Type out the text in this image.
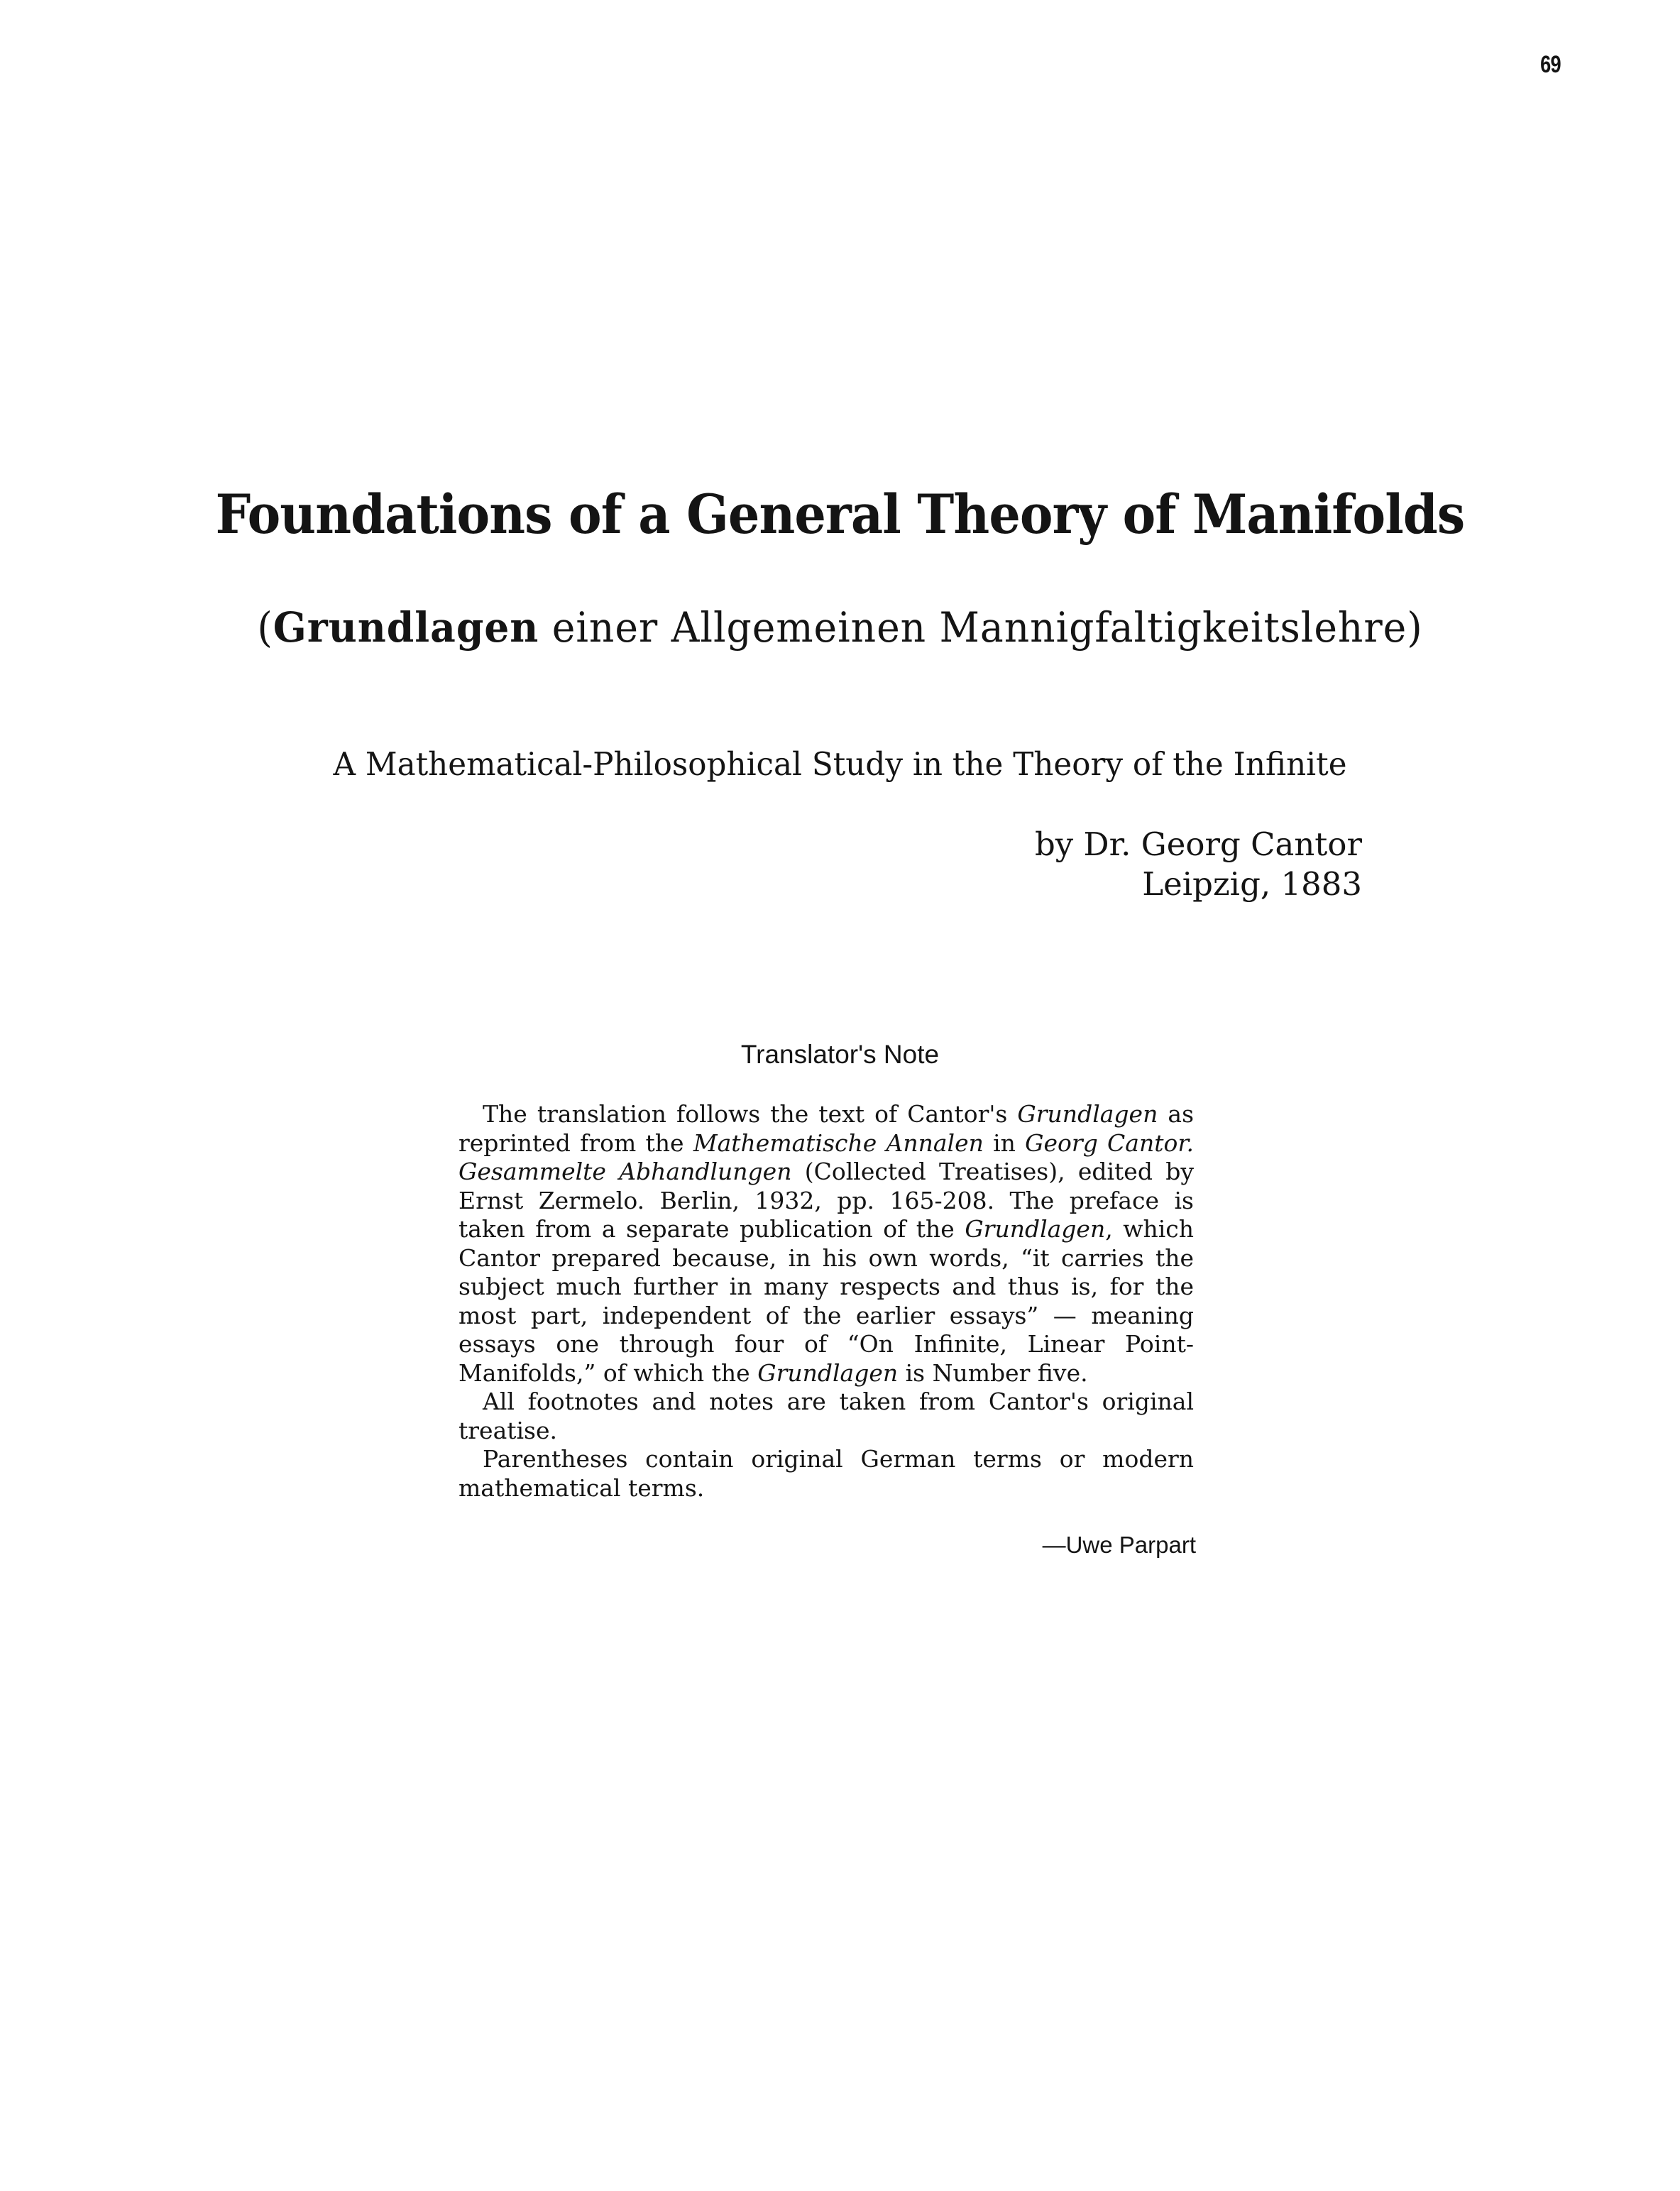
69
Foundations of a General Theory of Manifolds
(Grundlagen einer Allgemeinen Mannigfaltigkeitslehre)
A Mathematical-Philosophical Study in the Theory of the Infinite
by Dr. Georg Cantor
Leipzig, 1883
Translator's Note

The translation follows the text of Cantor's Grundlagen as reprinted from the Mathematische Annalen in Georg Cantor. Gesammelte Abhandlungen (Collected Treatises), edited by Ernst Zermelo. Berlin, 1932, pp. 165-208. The preface is taken from a separate publication of the Grundlagen, which Cantor prepared because, in his own words, “it carries the subject much further in many respects and thus is, for the most part, independent of the earlier essays” — meaning essays one through four of “On Infinite, Linear Point-Manifolds,” of which the Grundlagen is Number five.

All footnotes and notes are taken from Cantor's original treatise.

Parentheses contain original German terms or modern mathematical terms.

—Uwe Parpart
